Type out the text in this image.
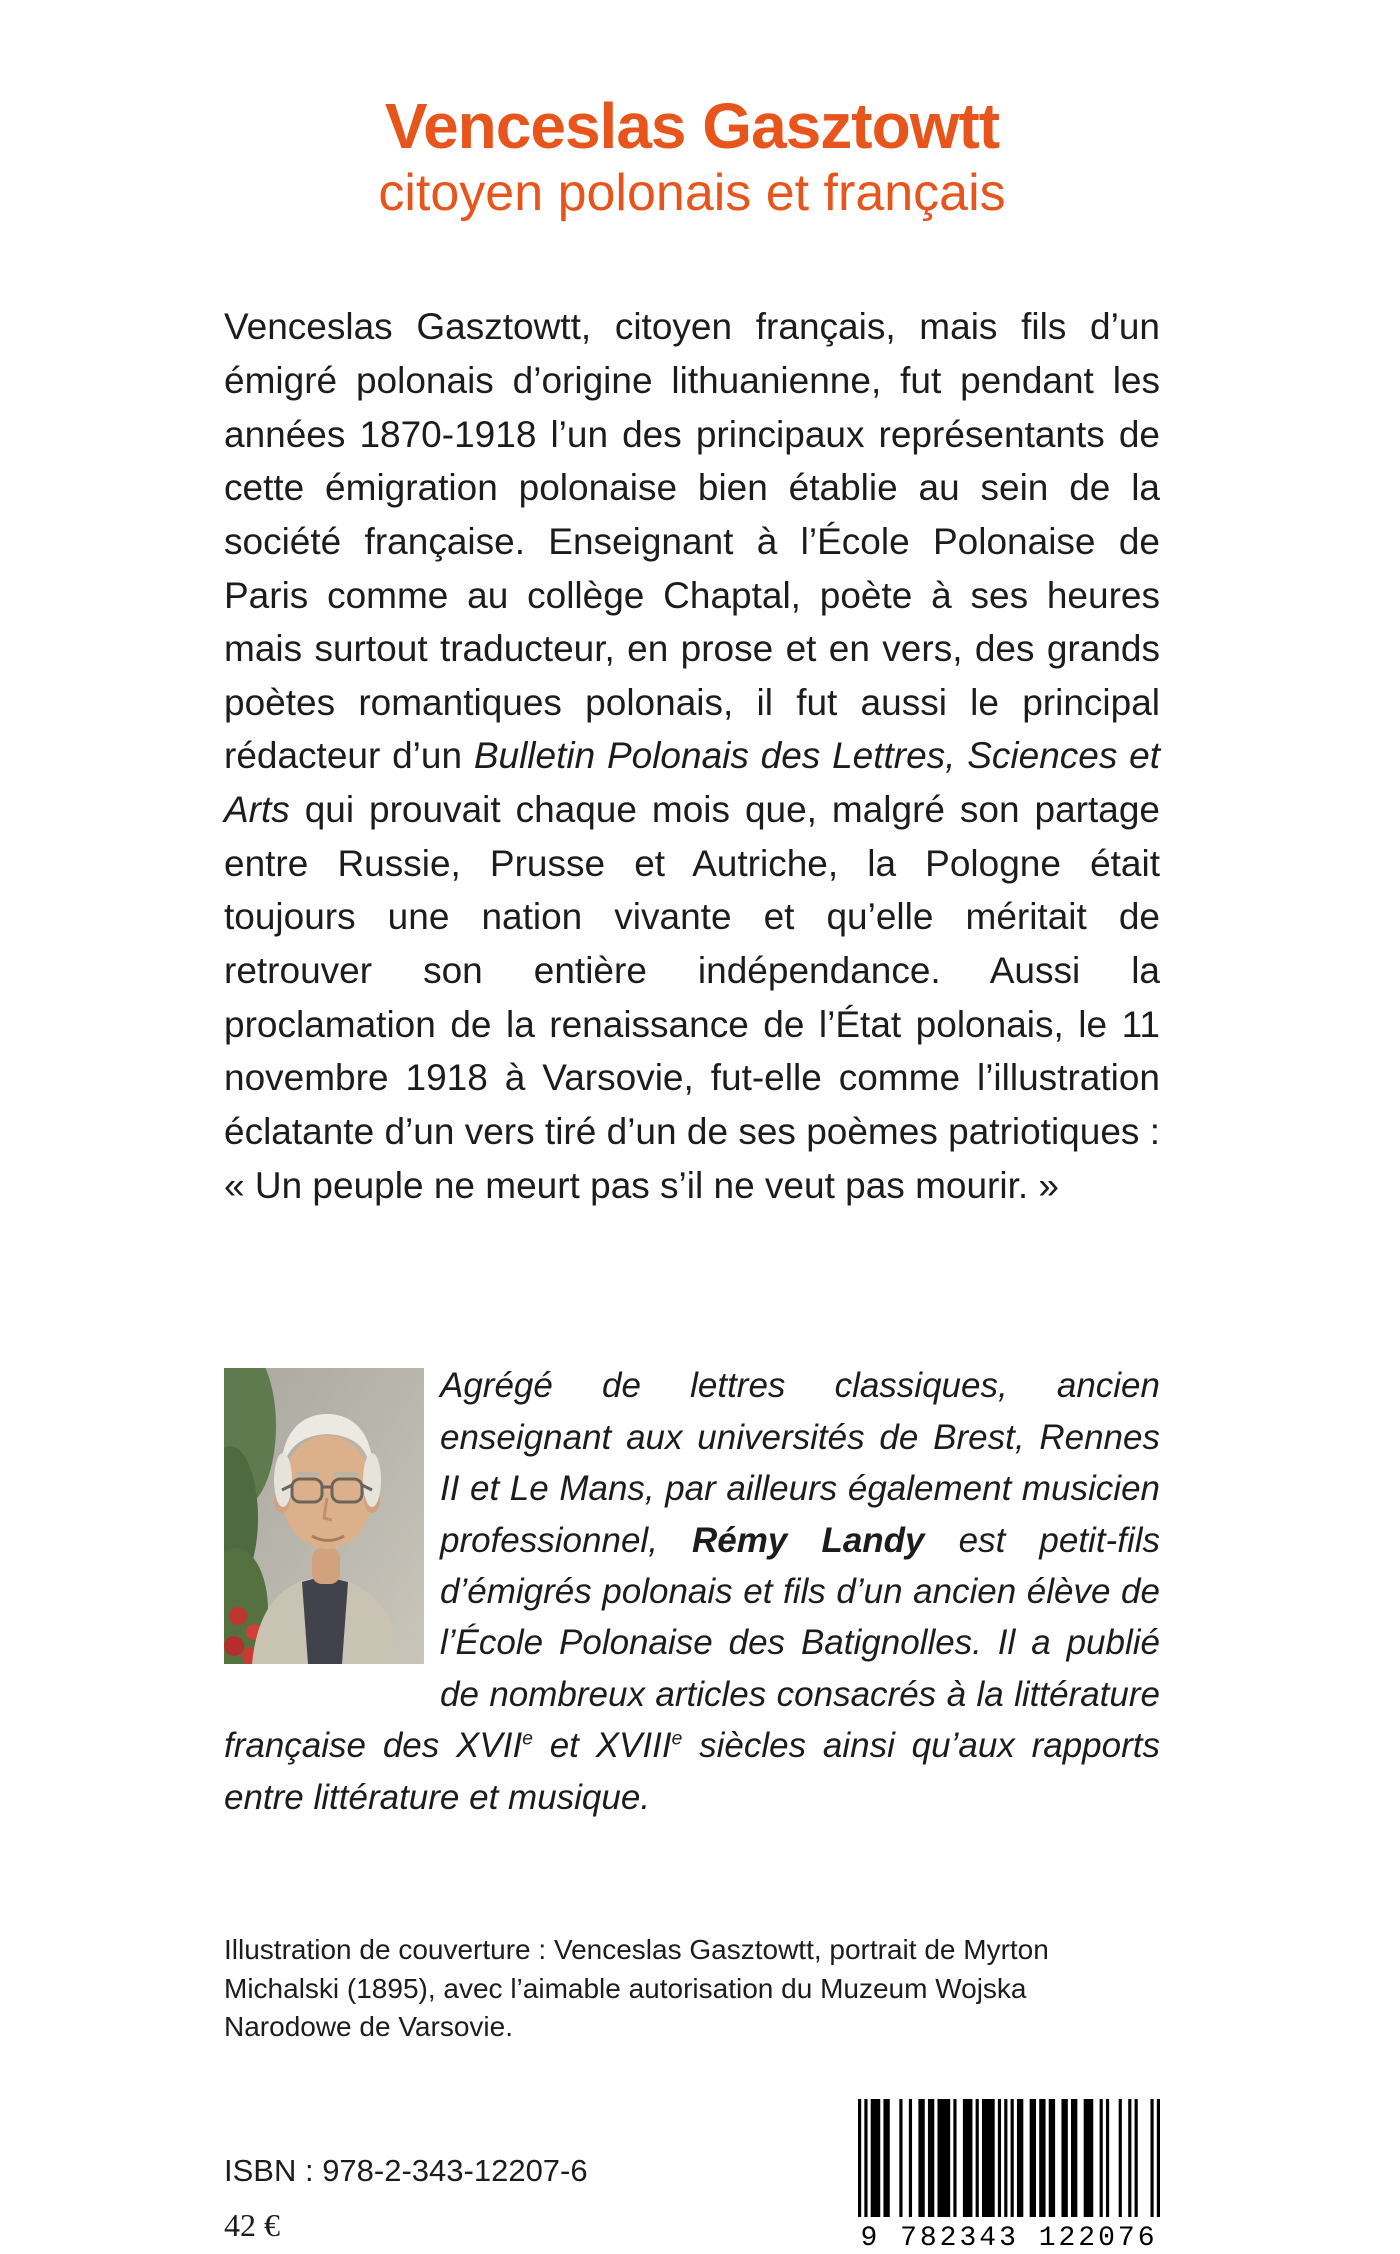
Venceslas Gasztowtt
citoyen polonais et français

Venceslas Gasztowtt, citoyen français, mais fils d’un émigré polonais d’origine lithuanienne, fut pendant les années 1870-1918 l’un des principaux représentants de cette émigration polonaise bien établie au sein de la société française. Enseignant à l’École Polonaise de Paris comme au collège Chaptal, poète à ses heures mais surtout traducteur, en prose et en vers, des grands poètes romantiques polonais, il fut aussi le principal rédacteur d’un Bulletin Polonais des Lettres, Sciences et Arts qui prouvait chaque mois que, malgré son partage entre Russie, Prusse et Autriche, la Pologne était toujours une nation vivante et qu’elle méritait de retrouver son entière indépendance. Aussi la proclamation de la renaissance de l’État polonais, le 11 novembre 1918 à Varsovie, fut-elle comme l’illustration éclatante d’un vers tiré d’un de ses poèmes patriotiques : « Un peuple ne meurt pas s’il ne veut pas mourir. »

Agrégé de lettres classiques, ancien enseignant aux universités de Brest, Rennes II et Le Mans, par ailleurs également musicien professionnel, Rémy Landy est petit-fils d’émigrés polonais et fils d’un ancien élève de l’École Polonaise des Batignolles. Il a publié de nombreux articles consacrés à la littérature française des XVIIe et XVIIIe siècles ainsi qu’aux rapports entre littérature et musique.

Illustration de couverture : Venceslas Gasztowtt, portrait de Myrton Michalski (1895), avec l’aimable autorisation du Muzeum Wojska Narodowe de Varsovie.

ISBN : 978-2-343-12207-6
42 €	9 782343 122076
